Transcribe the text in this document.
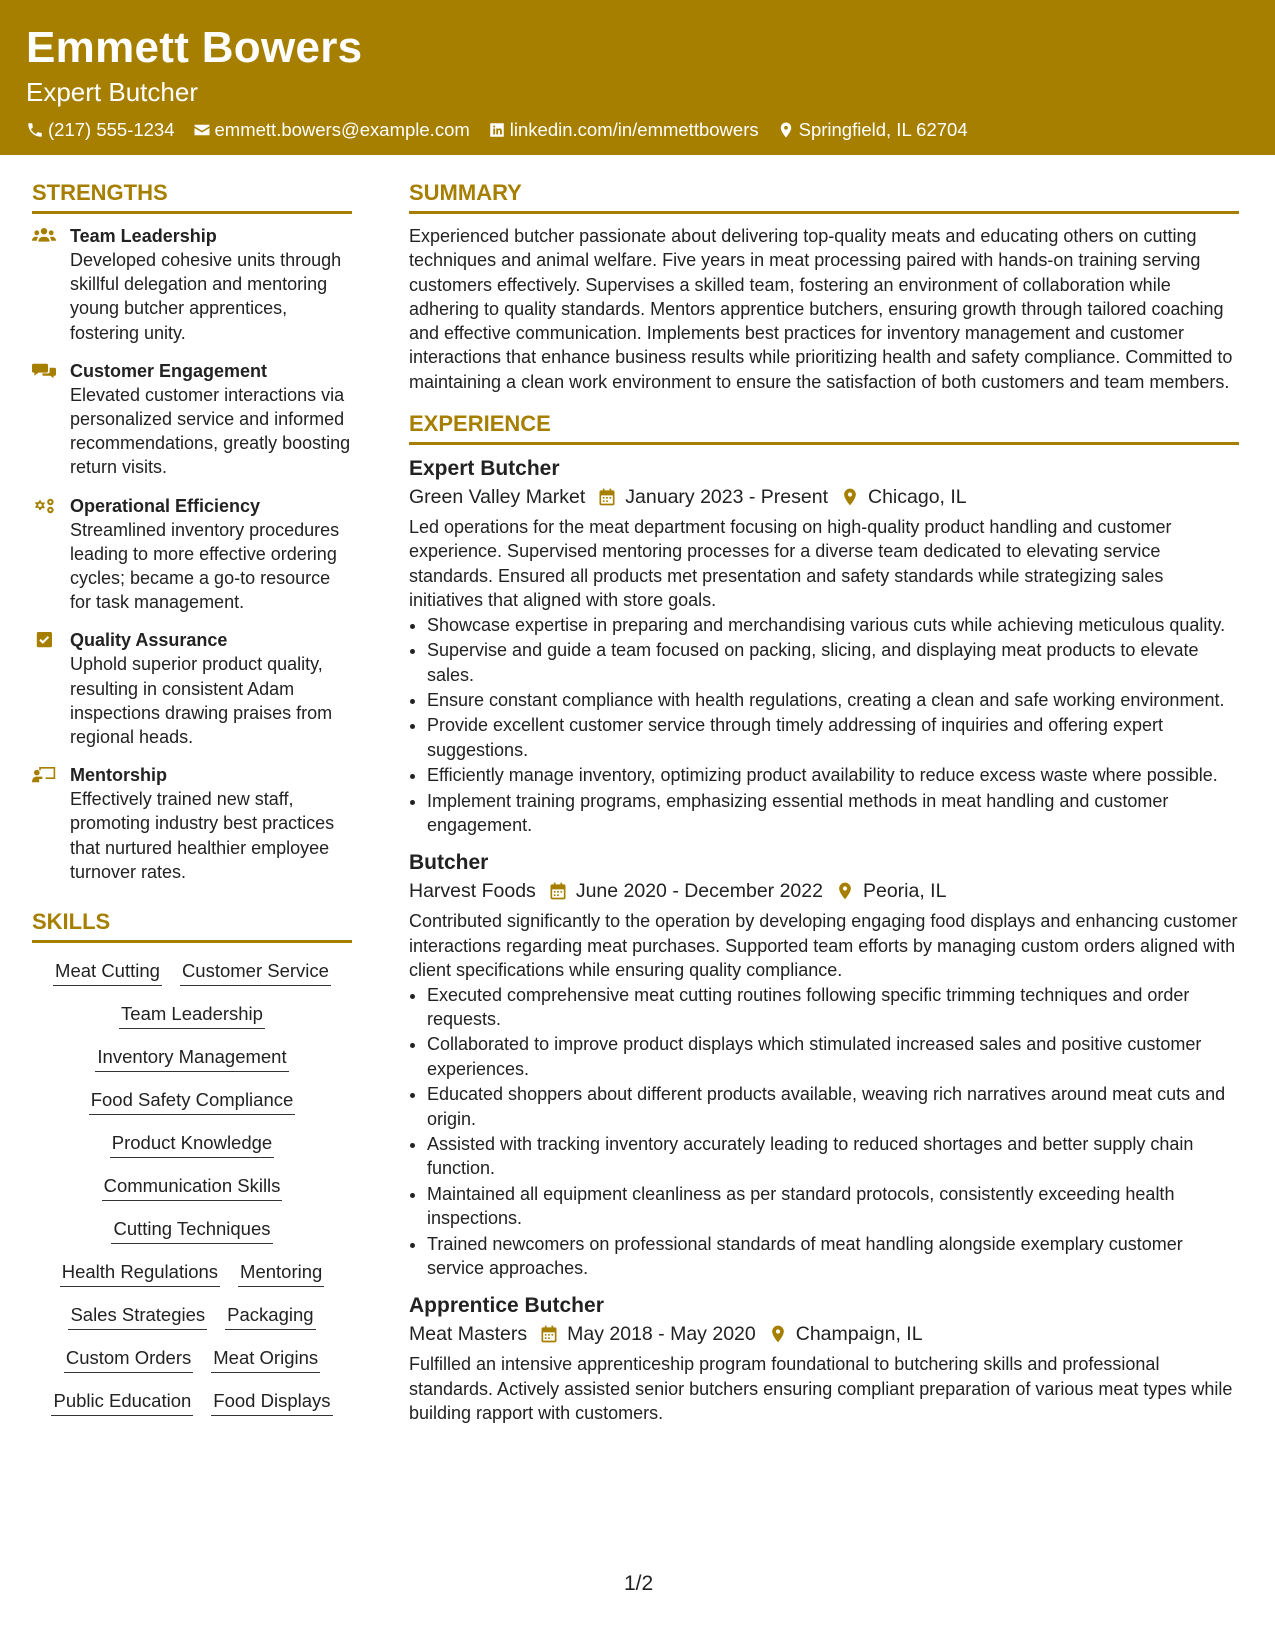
Emmett Bowers
Expert Butcher
(217) 555-1234 emmett.bowers@example.com linkedin.com/in/emmettbowers Springfield, IL 62704
STRENGTHS
Team Leadership
Developed cohesive units through skillful delegation and mentoring young butcher apprentices, fostering unity.
Customer Engagement
Elevated customer interactions via personalized service and informed recommendations, greatly boosting return visits.
Operational Efficiency
Streamlined inventory procedures leading to more effective ordering cycles; became a go-to resource for task management.
Quality Assurance
Uphold superior product quality, resulting in consistent Adam inspections drawing praises from regional heads.
Mentorship
Effectively trained new staff, promoting industry best practices that nurtured healthier employee turnover rates.
SKILLS
Meat Cutting Customer Service
Team Leadership
Inventory Management
Food Safety Compliance
Product Knowledge
Communication Skills
Cutting Techniques
Health Regulations Mentoring
Sales Strategies Packaging
Custom Orders Meat Origins
Public Education Food Displays
SUMMARY
Experienced butcher passionate about delivering top-quality meats and educating others on cutting techniques and animal welfare. Five years in meat processing paired with hands-on training serving customers effectively. Supervises a skilled team, fostering an environment of collaboration while adhering to quality standards. Mentors apprentice butchers, ensuring growth through tailored coaching and effective communication. Implements best practices for inventory management and customer interactions that enhance business results while prioritizing health and safety compliance. Committed to maintaining a clean work environment to ensure the satisfaction of both customers and team members.
EXPERIENCE
Expert Butcher
Green Valley Market January 2023 - Present Chicago, IL
Led operations for the meat department focusing on high-quality product handling and customer experience. Supervised mentoring processes for a diverse team dedicated to elevating service standards. Ensured all products met presentation and safety standards while strategizing sales initiatives that aligned with store goals.
• Showcase expertise in preparing and merchandising various cuts while achieving meticulous quality.
• Supervise and guide a team focused on packing, slicing, and displaying meat products to elevate sales.
• Ensure constant compliance with health regulations, creating a clean and safe working environment.
• Provide excellent customer service through timely addressing of inquiries and offering expert suggestions.
• Efficiently manage inventory, optimizing product availability to reduce excess waste where possible.
• Implement training programs, emphasizing essential methods in meat handling and customer engagement.
Butcher
Harvest Foods June 2020 - December 2022 Peoria, IL
Contributed significantly to the operation by developing engaging food displays and enhancing customer interactions regarding meat purchases. Supported team efforts by managing custom orders aligned with client specifications while ensuring quality compliance.
• Executed comprehensive meat cutting routines following specific trimming techniques and order requests.
• Collaborated to improve product displays which stimulated increased sales and positive customer experiences.
• Educated shoppers about different products available, weaving rich narratives around meat cuts and origin.
• Assisted with tracking inventory accurately leading to reduced shortages and better supply chain function.
• Maintained all equipment cleanliness as per standard protocols, consistently exceeding health inspections.
• Trained newcomers on professional standards of meat handling alongside exemplary customer service approaches.
Apprentice Butcher
Meat Masters May 2018 - May 2020 Champaign, IL
Fulfilled an intensive apprenticeship program foundational to butchering skills and professional standards. Actively assisted senior butchers ensuring compliant preparation of various meat types while building rapport with customers.
1/2
